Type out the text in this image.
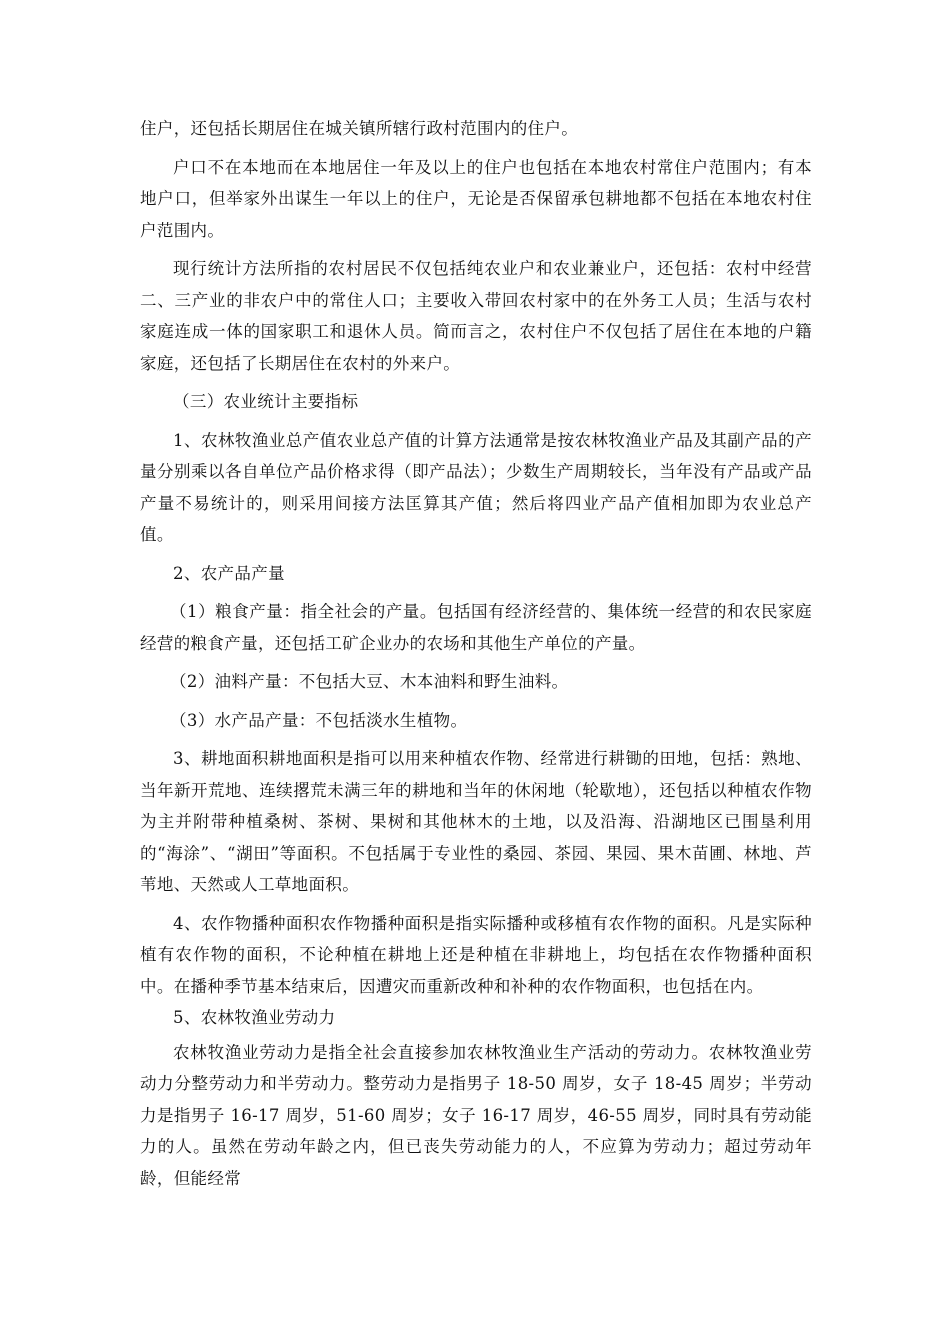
住户，还包括长期居住在城关镇所辖行政村范围内的住户。

户口不在本地而在本地居住一年及以上的住户也包括在本地农村常住户范围内；有本地户口，但举家外出谋生一年以上的住户，无论是否保留承包耕地都不包括在本地农村住户范围内。

现行统计方法所指的农村居民不仅包括纯农业户和农业兼业户，还包括：农村中经营二、三产业的非农户中的常住人口；主要收入带回农村家中的在外务工人员；生活与农村家庭连成一体的国家职工和退休人员。简而言之，农村住户不仅包括了居住在本地的户籍家庭，还包括了长期居住在农村的外来户。

（三）农业统计主要指标

1、农林牧渔业总产值农业总产值的计算方法通常是按农林牧渔业产品及其副产品的产量分别乘以各自单位产品价格求得（即产品法）；少数生产周期较长，当年没有产品或产品产量不易统计的，则采用间接方法匡算其产值；然后将四业产品产值相加即为农业总产值。

2、农产品产量

（1）粮食产量：指全社会的产量。包括国有经济经营的、集体统一经营的和农民家庭经营的粮食产量，还包括工矿企业办的农场和其他生产单位的产量。

（2）油料产量：不包括大豆、木本油料和野生油料。

（3）水产品产量：不包括淡水生植物。

3、耕地面积耕地面积是指可以用来种植农作物、经常进行耕锄的田地，包括：熟地、当年新开荒地、连续撂荒未满三年的耕地和当年的休闲地（轮歇地），还包括以种植农作物为主并附带种植桑树、茶树、果树和其他林木的土地，以及沿海、沿湖地区已围垦利用的“海涂”、“湖田”等面积。不包括属于专业性的桑园、茶园、果园、果木苗圃、林地、芦苇地、天然或人工草地面积。

4、农作物播种面积农作物播种面积是指实际播种或移植有农作物的面积。凡是实际种植有农作物的面积，不论种植在耕地上还是种植在非耕地上，均包括在农作物播种面积中。在播种季节基本结束后，因遭灾而重新改种和补种的农作物面积，也包括在内。

5、农林牧渔业劳动力

农林牧渔业劳动力是指全社会直接参加农林牧渔业生产活动的劳动力。农林牧渔业劳动力分整劳动力和半劳动力。整劳动力是指男子 18-50 周岁，女子 18-45 周岁；半劳动力是指男子 16-17 周岁，51-60 周岁；女子 16-17 周岁，46-55 周岁，同时具有劳动能力的人。虽然在劳动年龄之内，但已丧失劳动能力的人，不应算为劳动力；超过劳动年龄，但能经常
